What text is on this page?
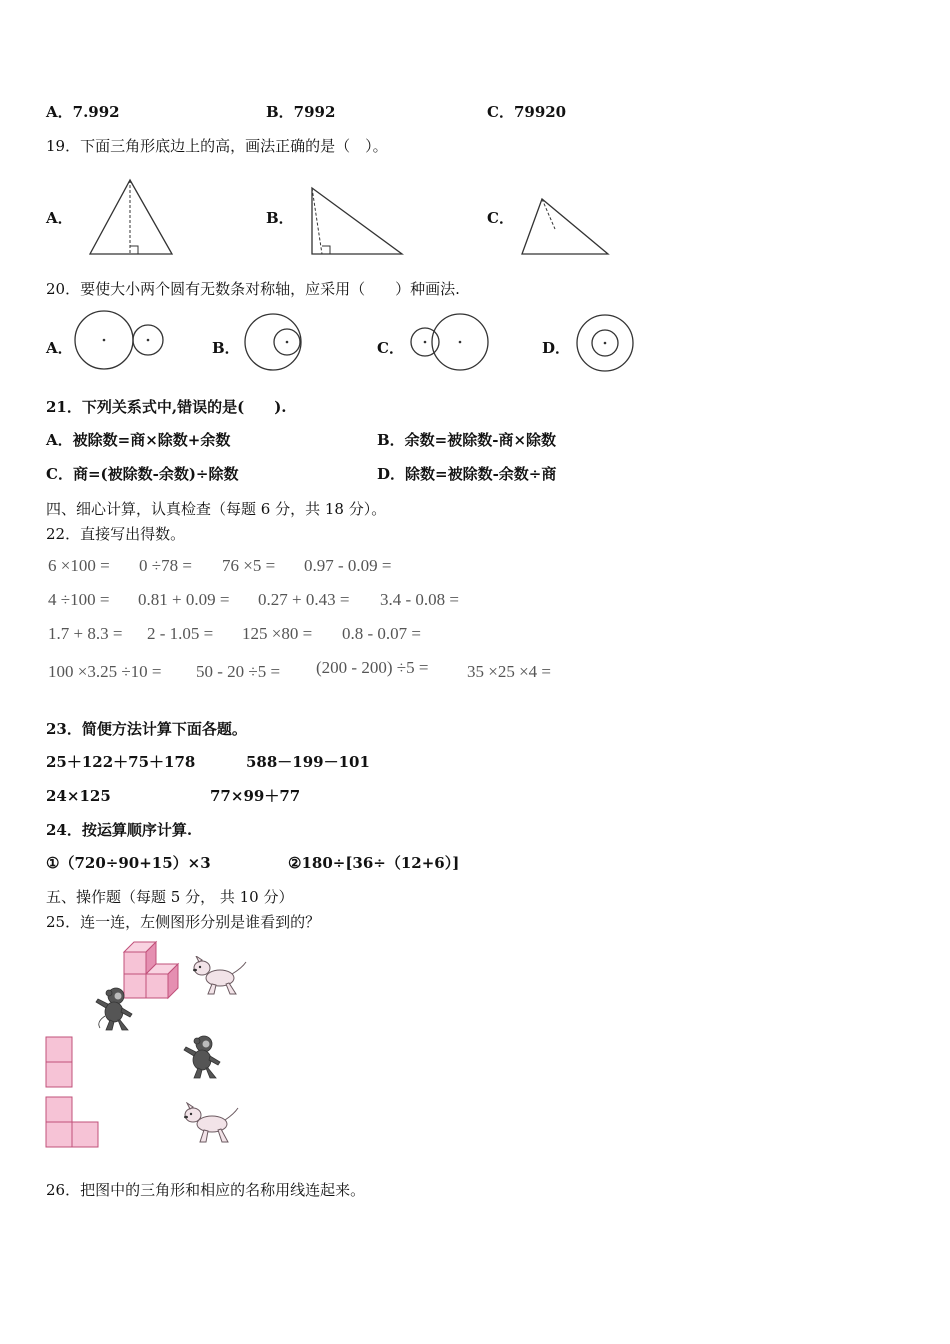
A．7.992	B．7992	C．79920
19．下面三角形底边上的高，画法正确的是（　）。
A．	B．	C．
20．要使大小两个圆有无数条对称轴，应采用（　　）种画法.
A．	B．	C．	D．
21．下列关系式中,错误的是(　　).
A．被除数=商×除数+余数	B．余数=被除数-商×除数
C．商=(被除数-余数)÷除数	D．除数=被除数-余数÷商
四、细心计算，认真检查（每题 6 分，共 18 分）。
22．直接写出得数。
6 ×100 = 0 ÷78 = 76 ×5 = 0.97 - 0.09 =
4 ÷100 = 0.81 + 0.09 = 0.27 + 0.43 = 3.4 - 0.08 =
1.7 + 8.3 = 2 - 1.05 = 125 ×80 = 0.8 - 0.07 =
100 ×3.25 ÷10 = 50 - 20 ÷5 = (200 - 200) ÷5 = 35 ×25 ×4 =
23．简便方法计算下面各题。
25＋122＋75＋178	588－199－101
24×125	77×99＋77
24．按运算顺序计算.
①（720÷90+15）×3	②180÷[36÷（12+6）]
五、操作题（每题 5 分， 共 10 分）
25．连一连，左侧图形分别是谁看到的？
26．把图中的三角形和相应的名称用线连起来。
